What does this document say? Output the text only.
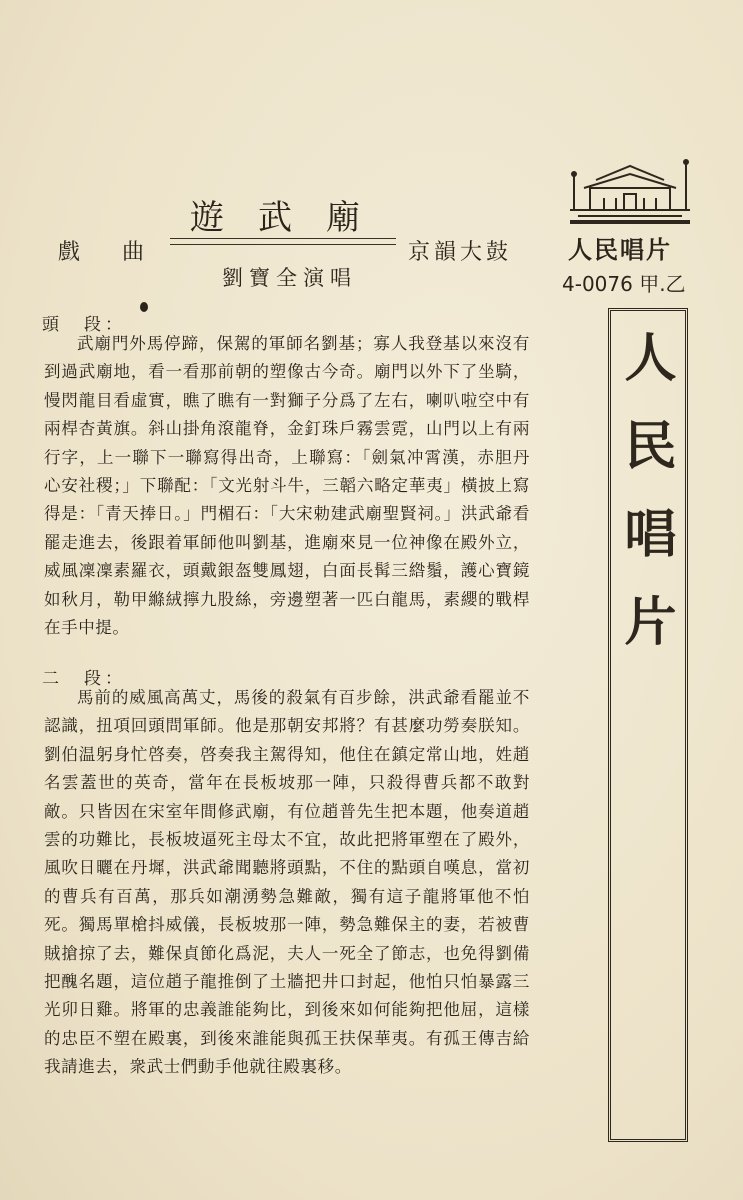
遊武廟
戲曲	京韻大鼓
劉寶全演唱
頭　段：
武廟門外馬停蹄，保駕的軍師名劉基；寡人我登基以來沒有到過武廟地，看一看那前朝的塑像古今奇。廟門以外下了坐騎，慢閃龍目看虛實，瞧了瞧有一對獅子分爲了左右，喇叭啦空中有兩桿杏黃旗。斜山掛角滾龍脊，金釘珠戶霧雲霓，山門以上有兩行字，上一聯下一聯寫得出奇，上聯寫：「劍氣冲霄漢，赤胆丹心安社稷；」下聯配：「文光射斗牛，三韜六略定華夷」橫披上寫得是：「青天捧日。」門楣石：「大宋勅建武廟聖賢祠。」洪武爺看罷走進去，後跟着軍師他叫劉基，進廟來見一位神像在殿外立，威風凜凜素羅衣，頭戴銀盔雙鳳翅，白面長髯三綹鬚，護心寶鏡如秋月，勒甲縧絨擰九股絲，旁邊塑著一匹白龍馬，素纓的戰桿在手中提。
二　段：
馬前的威風高萬丈，馬後的殺氣有百步餘，洪武爺看罷並不認識，扭項回頭問軍師。他是那朝安邦將？有甚麼功勞奏朕知。劉伯温躬身忙啓奏，啓奏我主駕得知，他住在鎮定常山地，姓趙名雲蓋世的英奇，當年在長板坡那一陣，只殺得曹兵都不敢對敵。只皆因在宋室年間修武廟，有位趙普先生把本題，他奏道趙雲的功難比，長板坡逼死主母太不宜，故此把將軍塑在了殿外，風吹日曬在丹墀，洪武爺聞聽將頭點，不住的點頭自嘆息，當初的曹兵有百萬，那兵如潮湧勢急難敵，獨有這子龍將軍他不怕死。獨馬單槍抖威儀，長板坡那一陣，勢急難保主的妻，若被曹賊搶掠了去，難保貞節化爲泥，夫人一死全了節志，也免得劉備把醜名題，這位趙子龍推倒了土牆把井口封起，他怕只怕暴露三光卯日雞。將軍的忠義誰能夠比，到後來如何能夠把他屈，這樣的忠臣不塑在殿裏，到後來誰能與孤王扶保華夷。有孤王傳吉給我請進去，衆武士們動手他就往殿裏移。
人民唱片
4-0076 甲.乙
人民唱片
